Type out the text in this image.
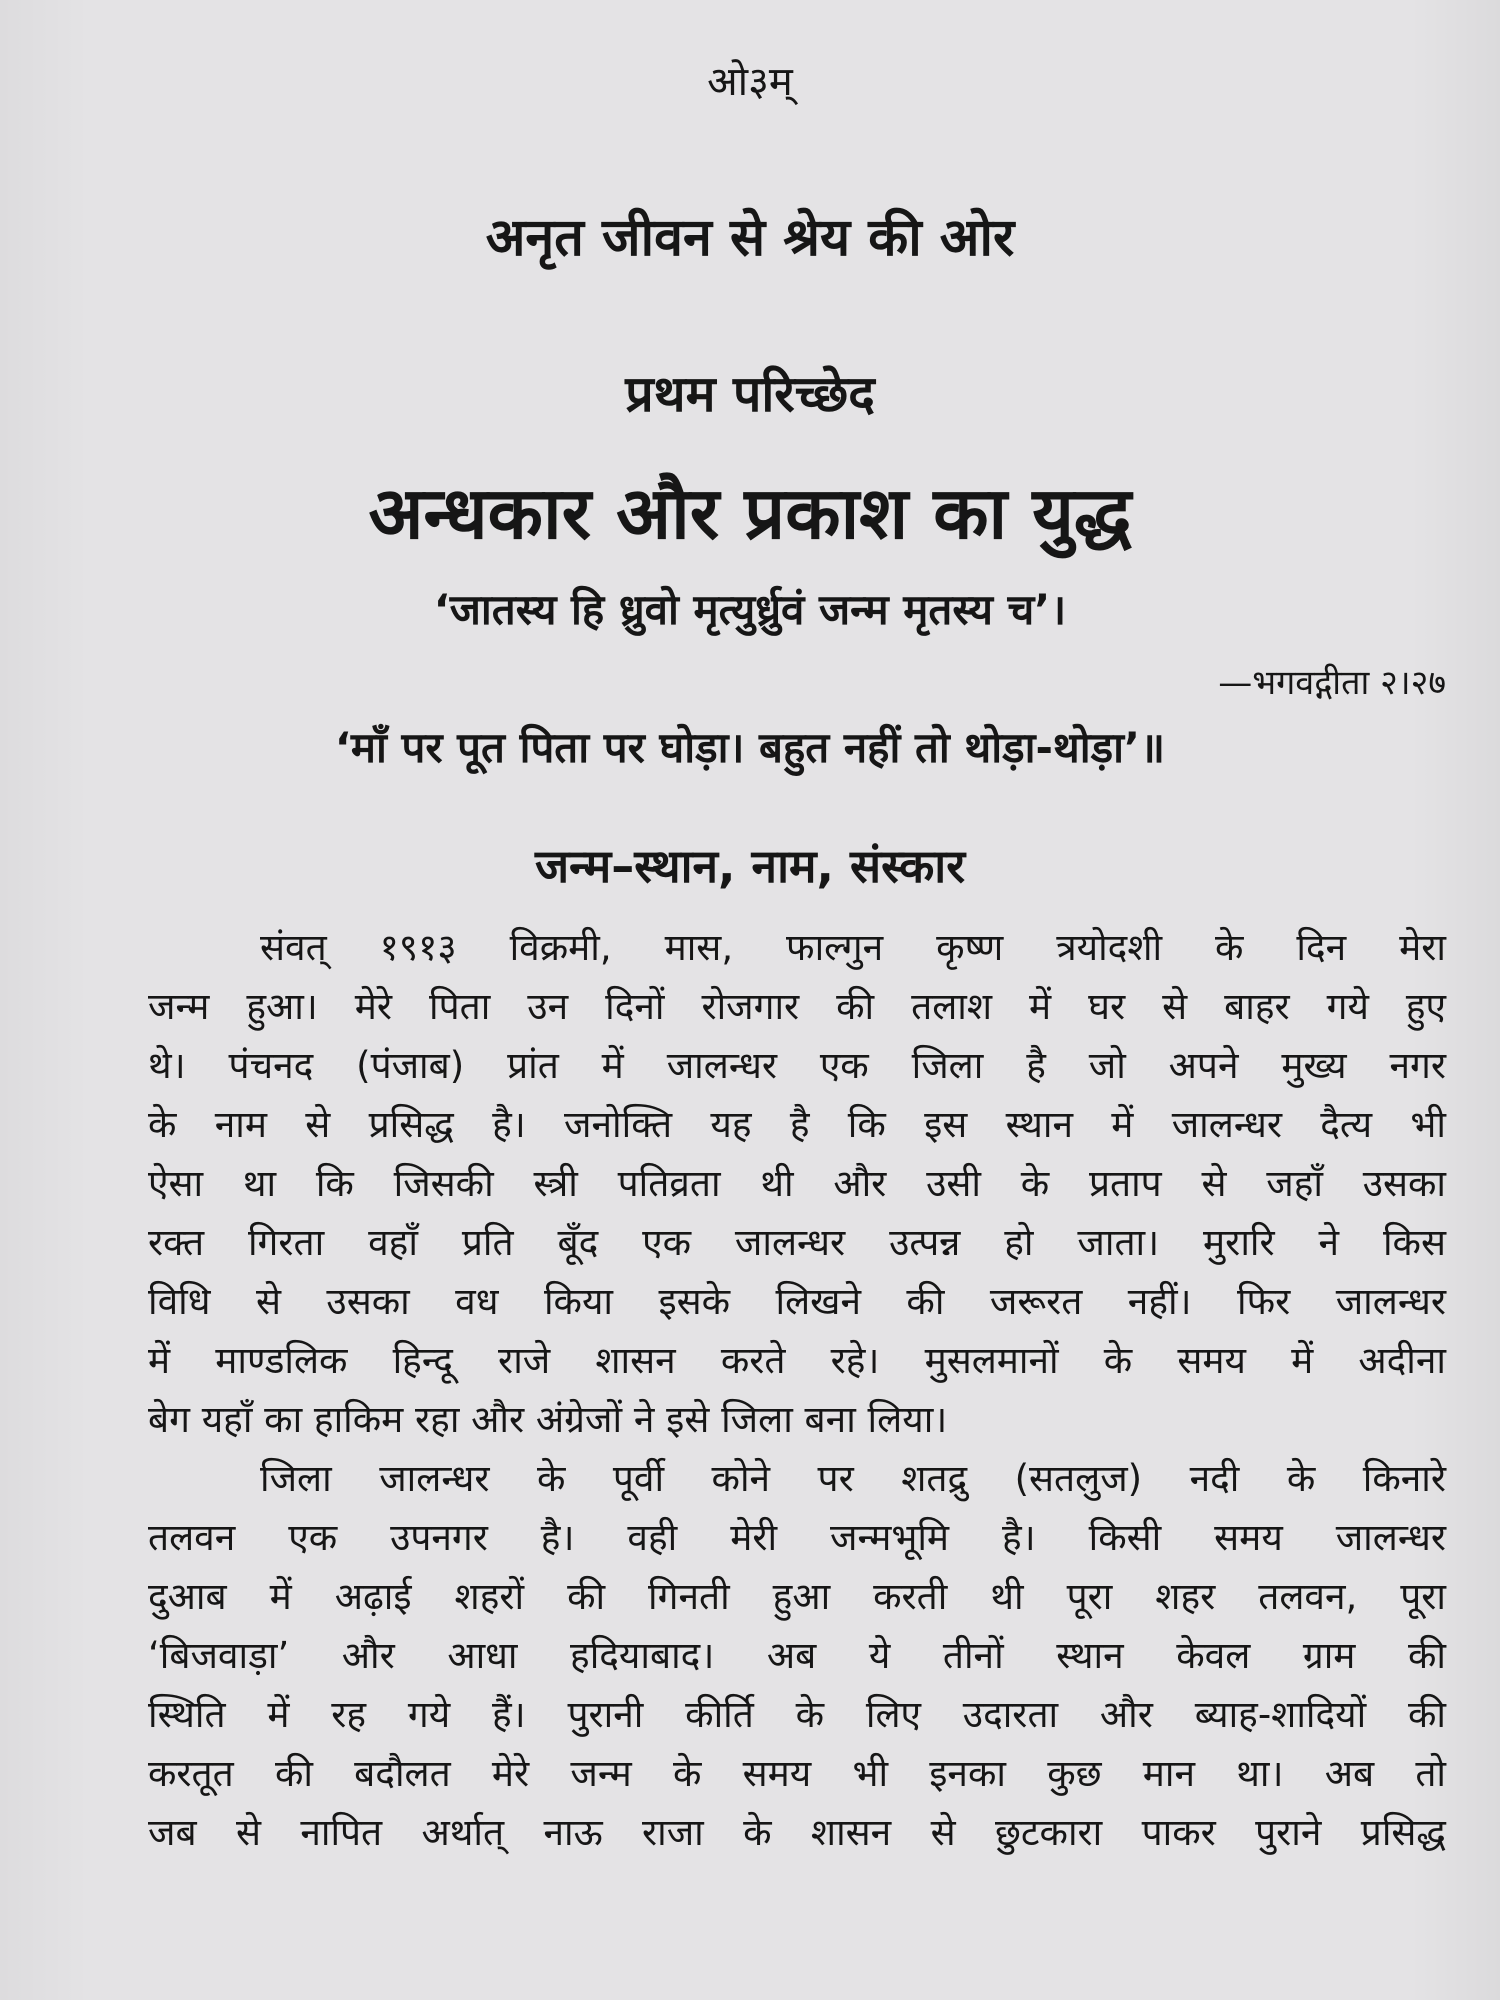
ओ३म्
अनृत जीवन से श्रेय की ओर
प्रथम परिच्छेद
अन्धकार और प्रकाश का युद्ध
‘जातस्य हि ध्रुवो मृत्युर्ध्रुवं जन्म मृतस्य च’।
—भगवद्गीता २।२७
‘माँ पर पूत पिता पर घोड़ा। बहुत नहीं तो थोड़ा-थोड़ा’॥
जन्म–स्थान, नाम, संस्कार
संवत् १९१३ विक्रमी, मास, फाल्गुन कृष्ण त्रयोदशी के दिन मेरा
जन्म हुआ। मेरे पिता उन दिनों रोजगार की तलाश में घर से बाहर गये हुए
थे। पंचनद (पंजाब) प्रांत में जालन्धर एक जिला है जो अपने मुख्य नगर
के नाम से प्रसिद्ध है। जनोक्ति यह है कि इस स्थान में जालन्धर दैत्य भी
ऐसा था कि जिसकी स्त्री पतिव्रता थी और उसी के प्रताप से जहाँ उसका
रक्त गिरता वहाँ प्रति बूँद एक जालन्धर उत्पन्न हो जाता। मुरारि ने किस
विधि से उसका वध किया इसके लिखने की जरूरत नहीं। फिर जालन्धर
में माण्डलिक हिन्दू राजे शासन करते रहे। मुसलमानों के समय में अदीना
बेग यहाँ का हाकिम रहा और अंग्रेजों ने इसे जिला बना लिया।
जिला जालन्धर के पूर्वी कोने पर शतद्रु (सतलुज) नदी के किनारे
तलवन एक उपनगर है। वही मेरी जन्मभूमि है। किसी समय जालन्धर
दुआब में अढ़ाई शहरों की गिनती हुआ करती थी पूरा शहर तलवन, पूरा
‘बिजवाड़ा’ और आधा हदियाबाद। अब ये तीनों स्थान केवल ग्राम की
स्थिति में रह गये हैं। पुरानी कीर्ति के लिए उदारता और ब्याह-शादियों की
करतूत की बदौलत मेरे जन्म के समय भी इनका कुछ मान था। अब तो
जब से नापित अर्थात् नाऊ राजा के शासन से छुटकारा पाकर पुराने प्रसिद्ध
